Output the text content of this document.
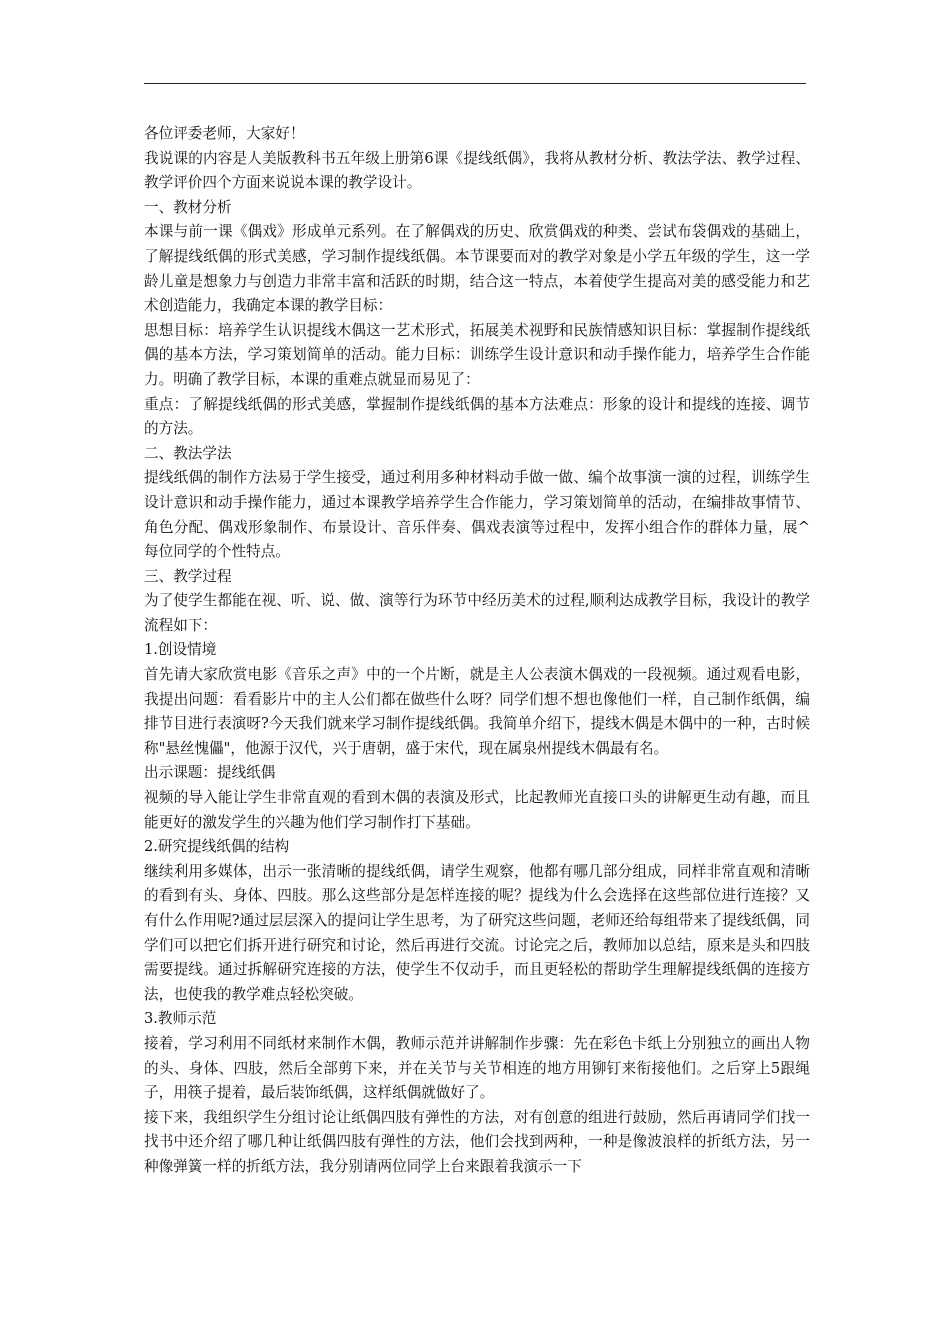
各位评委老师，大家好！

我说课的内容是人美版教科书五年级上册第6课《提线纸偶》，我将从教材分析、教法学法、教学过程、教学评价四个方面来说说本课的教学设计。

一、教材分析

本课与前一课《偶戏》形成单元系列。在了解偶戏的历史、欣赏偶戏的种类、尝试布袋偶戏的基础上，了解提线纸偶的形式美感，学习制作提线纸偶。本节课要而对的教学对象是小学五年级的学生，这一学龄儿童是想象力与创造力非常丰富和活跃的时期，结合这一特点，本着使学生提高对美的感受能力和艺术创造能力，我确定本课的教学目标：

思想目标：培养学生认识提线木偶这一艺术形式，拓展美术视野和民族情感知识目标：掌握制作提线纸偶的基本方法，学习策划简单的活动。能力目标：训练学生设计意识和动手操作能力，培养学生合作能力。明确了教学目标，本课的重难点就显而易见了：

重点：了解提线纸偶的形式美感，掌握制作提线纸偶的基本方法难点：形象的设计和提线的连接、调节的方法。

二、教法学法

提线纸偶的制作方法易于学生接受，通过利用多种材料动手做一做、编个故事演一演的过程，训练学生设计意识和动手操作能力，通过本课教学培养学生合作能力，学习策划简单的活动，在编排故事情节、角色分配、偶戏形象制作、布景设计、音乐伴奏、偶戏表演等过程中，发挥小组合作的群体力量，展^每位同学的个性特点。

三、教学过程

为了使学生都能在视、听、说、做、演等行为环节中经历美术的过程,顺利达成教学目标，我设计的教学流程如下：

1.创设情境

首先请大家欣赏电影《音乐之声》中的一个片断，就是主人公表演木偶戏的一段视频。通过观看电影，我提出问题：看看影片中的主人公们都在做些什么呀？同学们想不想也像他们一样，自己制作纸偶，编排节目进行表演呀?今天我们就来学习制作提线纸偶。我简单介绍下，提线木偶是木偶中的一种，古时候称"悬丝愧儡"，他源于汉代，兴于唐朝，盛于宋代，现在属泉州提线木偶最有名。

出示课题：提线纸偶

视频的导入能让学生非常直观的看到木偶的表演及形式，比起教师光直接口头的讲解更生动有趣，而且能更好的激发学生的兴趣为他们学习制作打下基础。

2.研究提线纸偶的结构

继续利用多媒体，出示一张清晰的提线纸偶，请学生观察，他都有哪几部分组成，同样非常直观和清晰的看到有头、身体、四肢。那么这些部分是怎样连接的呢？提线为什么会选择在这些部位进行连接？又有什么作用呢?通过层层深入的提问让学生思考，为了研究这些问题，老师还给每组带来了提线纸偶，同学们可以把它们拆开进行研究和讨论，然后再进行交流。讨论完之后，教师加以总结，原来是头和四肢需要提线。通过拆解研究连接的方法，使学生不仅动手，而且更轻松的帮助学生理解提线纸偶的连接方法，也使我的教学难点轻松突破。

3.教师示范

接着，学习利用不同纸材来制作木偶，教师示范并讲解制作步骤：先在彩色卡纸上分别独立的画出人物的头、身体、四肢，然后全部剪下来，并在关节与关节相连的地方用铆钉来衔接他们。之后穿上5跟绳子，用筷子提着，最后装饰纸偶，这样纸偶就做好了。

接下来，我组织学生分组讨论让纸偶四肢有弹性的方法，对有创意的组进行鼓励，然后再请同学们找一找书中还介绍了哪几种让纸偶四肢有弹性的方法，他们会找到两种，一种是像波浪样的折纸方法，另一种像弹簧一样的折纸方法，我分别请两位同学上台来跟着我演示一下
